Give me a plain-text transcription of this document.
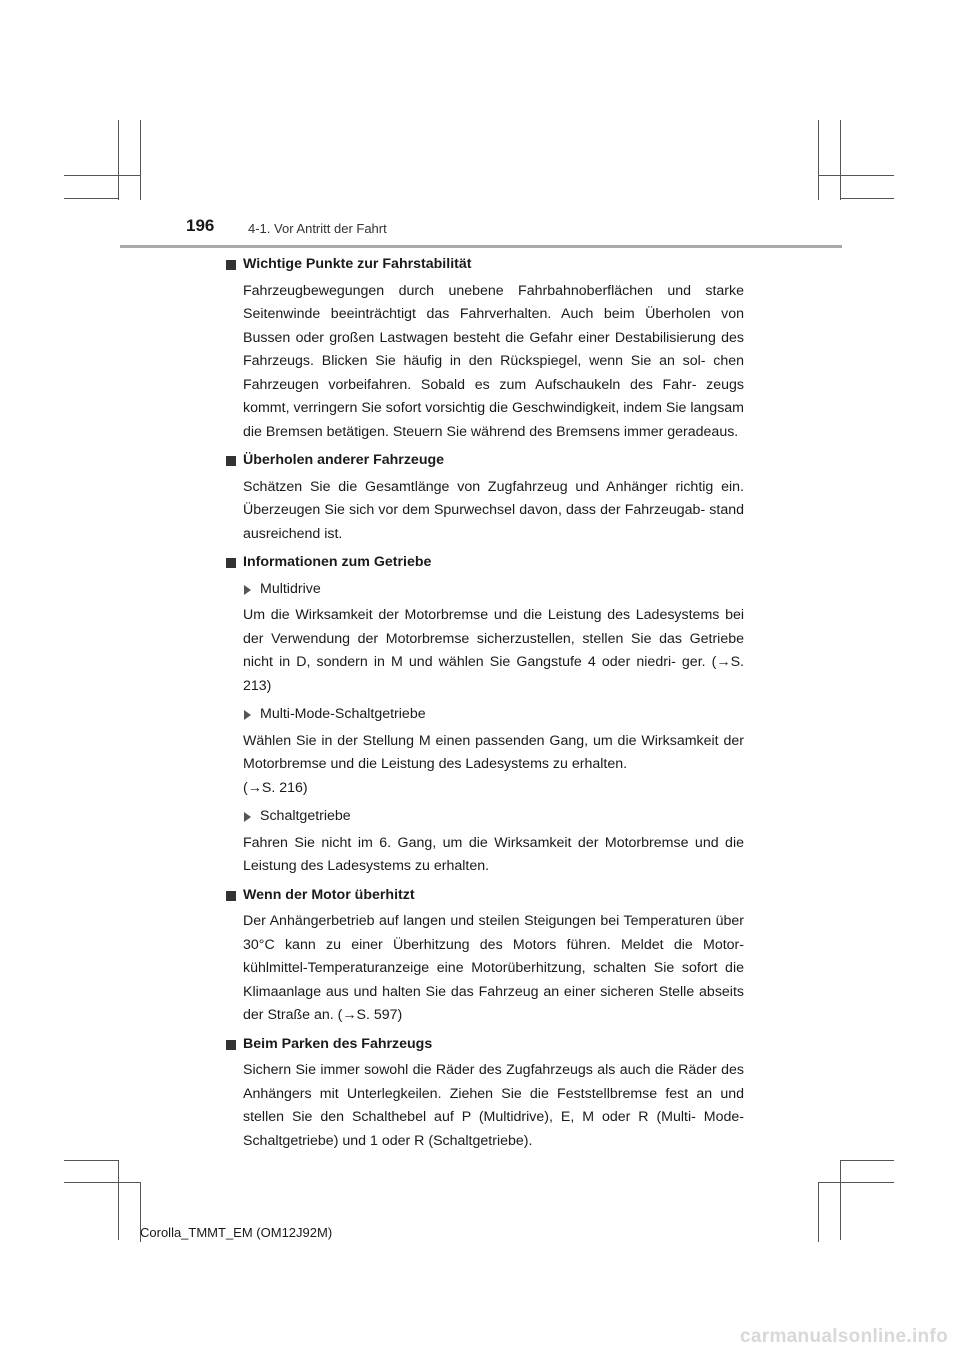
196	4-1. Vor Antritt der Fahrt
Wichtige Punkte zur Fahrstabilität

Fahrzeugbewegungen durch unebene Fahrbahnoberflächen und starke Seitenwinde beeinträchtigt das Fahrverhalten. Auch beim Überholen von Bussen oder großen Lastwagen besteht die Gefahr einer Destabilisierung des Fahrzeugs. Blicken Sie häufig in den Rückspiegel, wenn Sie an sol- chen Fahrzeugen vorbeifahren. Sobald es zum Aufschaukeln des Fahr- zeugs kommt, verringern Sie sofort vorsichtig die Geschwindigkeit, indem Sie langsam die Bremsen betätigen. Steuern Sie während des Bremsens immer geradeaus.

Überholen anderer Fahrzeuge

Schätzen Sie die Gesamtlänge von Zugfahrzeug und Anhänger richtig ein. Überzeugen Sie sich vor dem Spurwechsel davon, dass der Fahrzeugab- stand ausreichend ist.

Informationen zum Getriebe
Multidrive

Um die Wirksamkeit der Motorbremse und die Leistung des Ladesystems bei der Verwendung der Motorbremse sicherzustellen, stellen Sie das Getriebe nicht in D, sondern in M und wählen Sie Gangstufe 4 oder niedri- ger. (→S. 213)

Multi-Mode-Schaltgetriebe

Wählen Sie in der Stellung M einen passenden Gang, um die Wirksamkeit der Motorbremse und die Leistung des Ladesystems zu erhalten.
(→S. 216)

Schaltgetriebe

Fahren Sie nicht im 6. Gang, um die Wirksamkeit der Motorbremse und die Leistung des Ladesystems zu erhalten.

Wenn der Motor überhitzt

Der Anhängerbetrieb auf langen und steilen Steigungen bei Temperaturen über 30°C kann zu einer Überhitzung des Motors führen. Meldet die Motor- kühlmittel-Temperaturanzeige eine Motorüberhitzung, schalten Sie sofort die Klimaanlage aus und halten Sie das Fahrzeug an einer sicheren Stelle abseits der Straße an. (→S. 597)

Beim Parken des Fahrzeugs

Sichern Sie immer sowohl die Räder des Zugfahrzeugs als auch die Räder des Anhängers mit Unterlegkeilen. Ziehen Sie die Feststellbremse fest an und stellen Sie den Schalthebel auf P (Multidrive), E, M oder R (Multi- Mode-Schaltgetriebe) und 1 oder R (Schaltgetriebe).

Corolla_TMMT_EM (OM12J92M)
carmanualsonline.info
